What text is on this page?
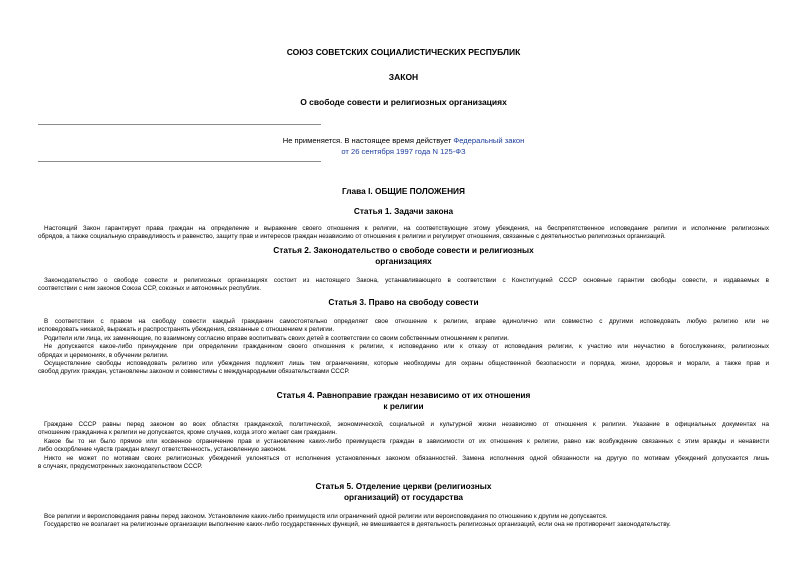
СОЮЗ СОВЕТСКИХ СОЦИАЛИСТИЧЕСКИХ РЕСПУБЛИК
ЗАКОН
О свободе совести и религиозных организациях
Не применяется. В настоящее время действует Федеральный закон
от 26 сентября 1997 года N 125-ФЗ
Глава I. ОБЩИЕ ПОЛОЖЕНИЯ
Статья 1. Задачи закона
Настоящий Закон гарантирует права граждан на определение и выражение своего отношения к религии, на соответствующие этому убеждения, на беспрепятственное исповедание религии и исполнение религиозных
обрядов, а также социальную справедливость и равенство, защиту прав и интересов граждан независимо от отношения к религии и регулирует отношения, связанные с деятельностью религиозных организаций.
Статья 2. Законодательство о свободе совести и религиозных
организациях
Законодательство о свободе совести и религиозных организациях состоит из настоящего Закона, устанавливающего в соответствии с Конституцией СССР основные гарантии свободы совести, и издаваемых в
соответствии с ним законов Союза ССР, союзных и автономных республик.
Статья 3. Право на свободу совести
В соответствии с правом на свободу совести каждый гражданин самостоятельно определяет свое отношение к религии, вправе единолично или совместно с другими исповедовать любую религию или не
исповедовать никакой, выражать и распространять убеждения, связанные с отношением к религии.
Родители или лица, их заменяющие, по взаимному согласию вправе воспитывать своих детей в соответствии со своим собственным отношением к религии.
Не допускается какое-либо принуждение при определении гражданином своего отношения к религии, к исповеданию или к отказу от исповедания религии, к участию или неучастию в богослужениях, религиозных
обрядах и церемониях, в обучении религии.
Осуществление свободы исповедовать религию или убеждения подлежит лишь тем ограничениям, которые необходимы для охраны общественной безопасности и порядка, жизни, здоровья и морали, а также прав и
свобод других граждан, установлены законом и совместимы с международными обязательствами СССР.
Статья 4. Равноправие граждан независимо от их отношения
к религии
Граждане СССР равны перед законом во всех областях гражданской, политической, экономической, социальной и культурной жизни независимо от отношения к религии. Указание в официальных документах на
отношение гражданина к религии не допускается, кроме случаев, когда этого желает сам гражданин.
Какое бы то ни было прямое или косвенное ограничение прав и установление каких-либо преимуществ граждан в зависимости от их отношения к религии, равно как возбуждение связанных с этим вражды и ненависти
либо оскорбление чувств граждан влекут ответственность, установленную законом.
Никто не может по мотивам своих религиозных убеждений уклоняться от исполнения установленных законом обязанностей. Замена исполнения одной обязанности на другую по мотивам убеждений допускается лишь
в случаях, предусмотренных законодательством СССР.
Статья 5. Отделение церкви (религиозных
организаций) от государства
Все религии и вероисповедания равны перед законом. Установление каких-либо преимуществ или ограничений одной религии или вероисповедания по отношению к другим не допускается.
Государство не возлагает на религиозные организации выполнение каких-либо государственных функций, не вмешивается в деятельность религиозных организаций, если она не противоречит законодательству.
